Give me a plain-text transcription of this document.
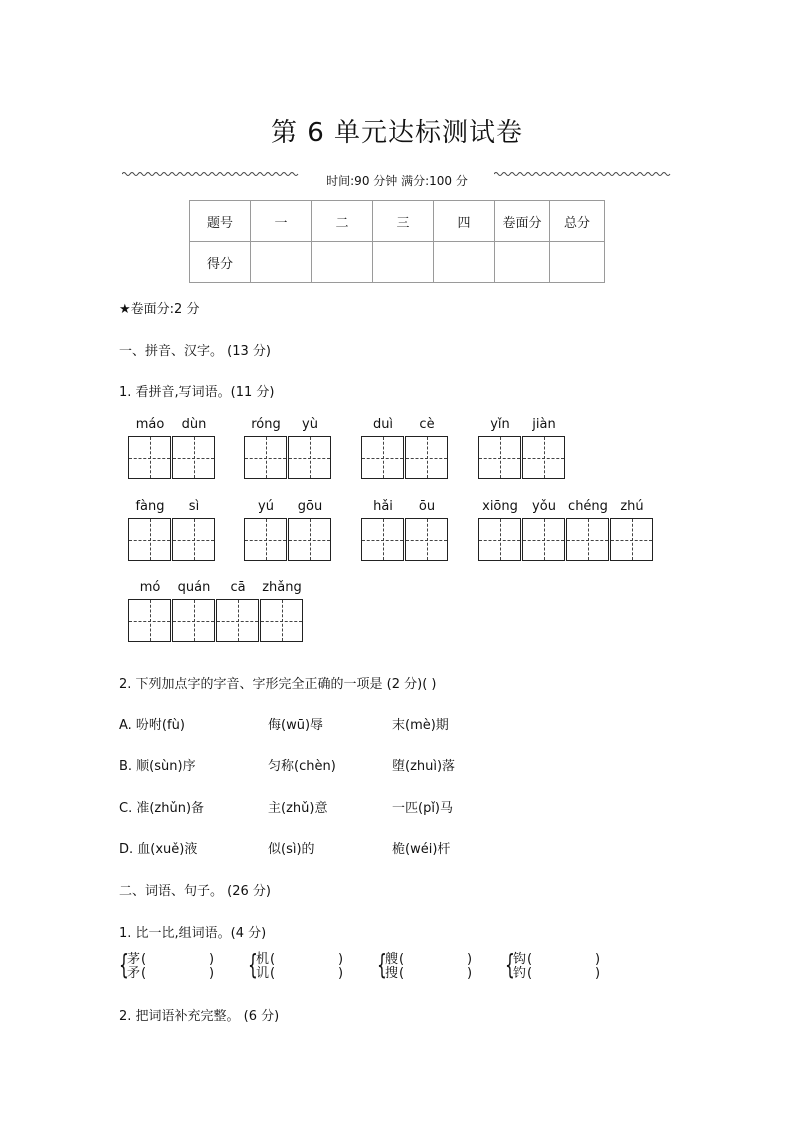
第 6 单元达标测试卷
时间:90 分钟 满分:100 分
题号	一	二	三	四	卷面分	总分
得分						
★卷面分:2 分
一、拼音、汉字。 (13 分)
1. 看拼音,写词语。(11 分)
máo	dùn	róng	yù	duì	cè	yǐn	jiàn
fàng	sì	yú	gōu	hǎi	ōu	xiōng	yǒu chéng zhú
mó	quán	cā	zhǎng
2. 下列加点字的字音、字形完全正确的一项是 (2 分)( )
A. 吩咐(fù)	侮(wū)辱	末(mè)期
B. 顺(sùn)序	匀称(chèn)	堕(zhuì)落
C. 准(zhǔn)备	主(zhǔ)意	一匹(pǐ)马
D. 血(xuě)液	似(sì)的	桅(wéi)杆
二、词语、句子。 (26 分)
1. 比一比,组词语。(4 分)
{
茅 (	)
矛 (	) {
机 (	)
讥 (	) {
艘 (	)
搜 (	) {
钩 (	)
钓 (	)
2. 把词语补充完整。 (6 分)
